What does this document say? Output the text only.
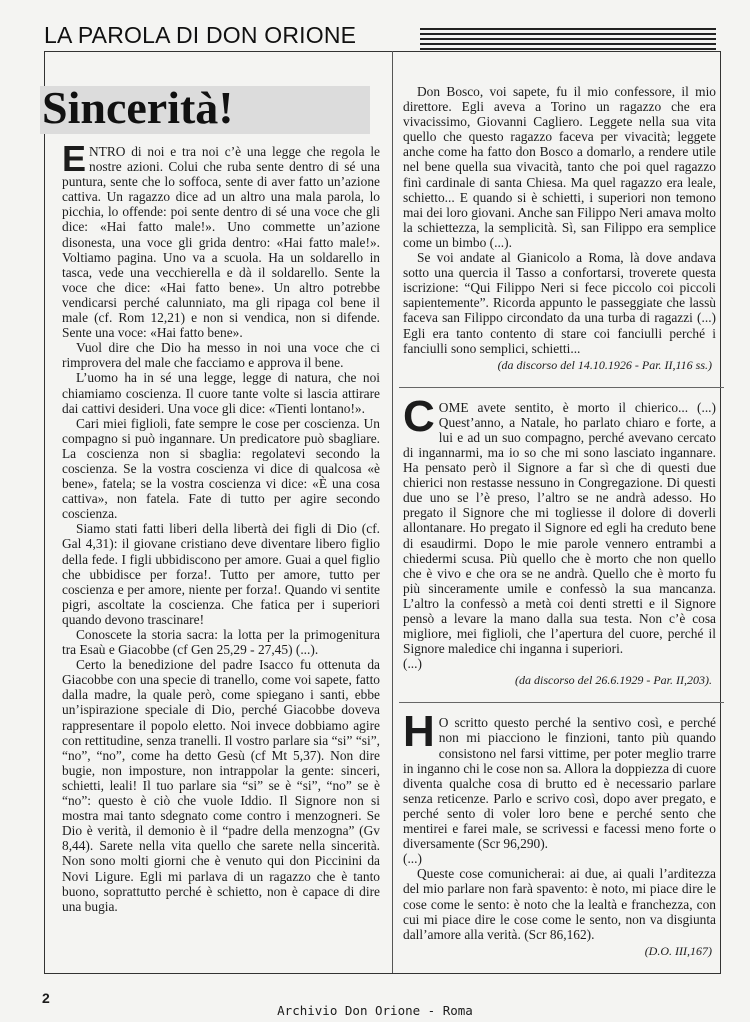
LA PAROLA DI DON ORIONE
Sincerità!

ENTRO di noi e tra noi c’è una legge che regola le nostre azioni. Colui che ruba sente dentro di sé una puntura, sente che lo soffoca, sente di aver fatto un’azione cattiva. Un ragazzo dice ad un altro una mala parola, lo picchia, lo offende: poi sente dentro di sé una voce che gli dice: «Hai fatto male!». Uno commette un’azione disonesta, una voce gli grida dentro: «Hai fatto male!». Voltiamo pagina. Uno va a scuola. Ha un soldarello in tasca, vede una vecchierella e dà il soldarello. Sente la voce che dice: «Hai fatto bene». Un altro potrebbe vendicarsi perché calunniato, ma gli ripaga col bene il male (cf. Rom 12,21) e non si vendica, non si difende. Sente una voce: «Hai fatto bene».

Vuol dire che Dio ha messo in noi una voce che ci rimprovera del male che facciamo e approva il bene.

L’uomo ha in sé una legge, legge di natura, che noi chiamiamo coscienza. Il cuore tante volte si lascia attirare dai cattivi desideri. Una voce gli dice: «Tienti lontano!».

Cari miei figlioli, fate sempre le cose per coscienza. Un compagno si può ingannare. Un predicatore può sbagliare. La coscienza non si sbaglia: regolatevi secondo la coscienza. Se la vostra coscienza vi dice di qualcosa «è bene», fatela; se la vostra coscienza vi dice: «È una cosa cattiva», non fatela. Fate di tutto per agire secondo coscienza.

Siamo stati fatti liberi della libertà dei figli di Dio (cf. Gal 4,31): il giovane cristiano deve diventare libero figlio della fede. I figli ubbidiscono per amore. Guai a quel figlio che ubbidisce per forza!. Tutto per amore, tutto per coscienza e per amore, niente per forza!. Quando vi sentite pigri, ascoltate la coscienza. Che fatica per i superiori quando devono trascinare!

Conoscete la storia sacra: la lotta per la primogenitura tra Esaù e Giacobbe (cf Gen 25,29 - 27,45) (...).

Certo la benedizione del padre Isacco fu ottenuta da Giacobbe con una specie di tranello, come voi sapete, fatto dalla madre, la quale però, come spiegano i santi, ebbe un’ispirazione speciale di Dio, perché Giacobbe doveva rappresentare il popolo eletto. Noi invece dobbiamo agire con rettitudine, senza tranelli. Il vostro parlare sia “si” “si”, “no”, “no”, come ha detto Gesù (cf Mt 5,37). Non dire bugie, non imposture, non intrappolar la gente: sinceri, schietti, leali! Il tuo parlare sia “si” se è “si”, “no” se è “no”: questo è ciò che vuole Iddio. Il Signore non si mostra mai tanto sdegnato come contro i menzogneri. Se Dio è verità, il demonio è il “padre della menzogna” (Gv 8,44). Sarete nella vita quello che sarete nella sincerità. Non sono molti giorni che è venuto qui don Piccinini da Novi Ligure. Egli mi parlava di un ragazzo che è tanto buono, soprattutto perché è schietto, non è capace di dire una bugia.

Don Bosco, voi sapete, fu il mio confessore, il mio direttore. Egli aveva a Torino un ragazzo che era vivacissimo, Giovanni Cagliero. Leggete nella sua vita quello che questo ragazzo faceva per vivacità; leggete anche come ha fatto don Bosco a domarlo, a rendere utile nel bene quella sua vivacità, tanto che poi quel ragazzo finì cardinale di santa Chiesa. Ma quel ragazzo era leale, schietto... E quando si è schietti, i superiori non temono mai dei loro giovani. Anche san Filippo Neri amava molto la schiettezza, la semplicità. Sì, san Filippo era semplice come un bimbo (...).

Se voi andate al Gianicolo a Roma, là dove andava sotto una quercia il Tasso a confortarsi, troverete questa iscrizione: “Qui Filippo Neri si fece piccolo coi piccoli sapientemente”. Ricorda appunto le passeggiate che lassù faceva san Filippo circondato da una turba di ragazzi (...) Egli era tanto contento di stare coi fanciulli perché i fanciulli sono semplici, schietti...

(da discorso del 14.10.1926 - Par. II,116 ss.)

COME avete sentito, è morto il chierico... (...) Quest’anno, a Natale, ho parlato chiaro e forte, a lui e ad un suo compagno, perché avevano cercato di ingannarmi, ma io so che mi sono lasciato ingannare. Ha pensato però il Signore a far sì che di questi due chierici non restasse nessuno in Congregazione. Di questi due uno se l’è preso, l’altro se ne andrà adesso. Ho pregato il Signore che mi togliesse il dolore di doverli allontanare. Ho pregato il Signore ed egli ha creduto bene di esaudirmi. Dopo le mie parole vennero entrambi a chiedermi scusa. Più quello che è morto che non quello che è vivo e che ora se ne andrà. Quello che è morto fu più sinceramente umile e confessò la sua mancanza. L’altro la confessò a metà coi denti stretti e il Signore pensò a levare la mano dalla sua testa. Non c’è cosa migliore, mei figlioli, che l’apertura del cuore, perché il Signore maledice chi inganna i superiori.

(...)

(da discorso del 26.6.1929 - Par. II,203).

H O scritto questo perché la sentivo così, e perché non mi piacciono le finzioni, tanto più quando consistono nel farsi vittime, per poter meglio trarre in inganno chi le cose non sa. Allora la doppiezza di cuore diventa qualche cosa di brutto ed è necessario parlare senza reticenze. Parlo e scrivo così, dopo aver pregato, e perché sento di voler loro bene e perché sento che mentirei e farei male, se scrivessi e facessi meno forte o diversamente (Scr 96,290).

(...)

Queste cose comunicherai: ai due, ai quali l’arditezza del mio parlare non farà spavento: è noto, mi piace dire le cose come le sento: è noto che la lealtà e franchezza, con cui mi piace dire le cose come le sento, non va disgiunta dall’amore alla verità. (Scr 86,162).

(D.O. III,167)
2
Archivio Don Orione - Roma
